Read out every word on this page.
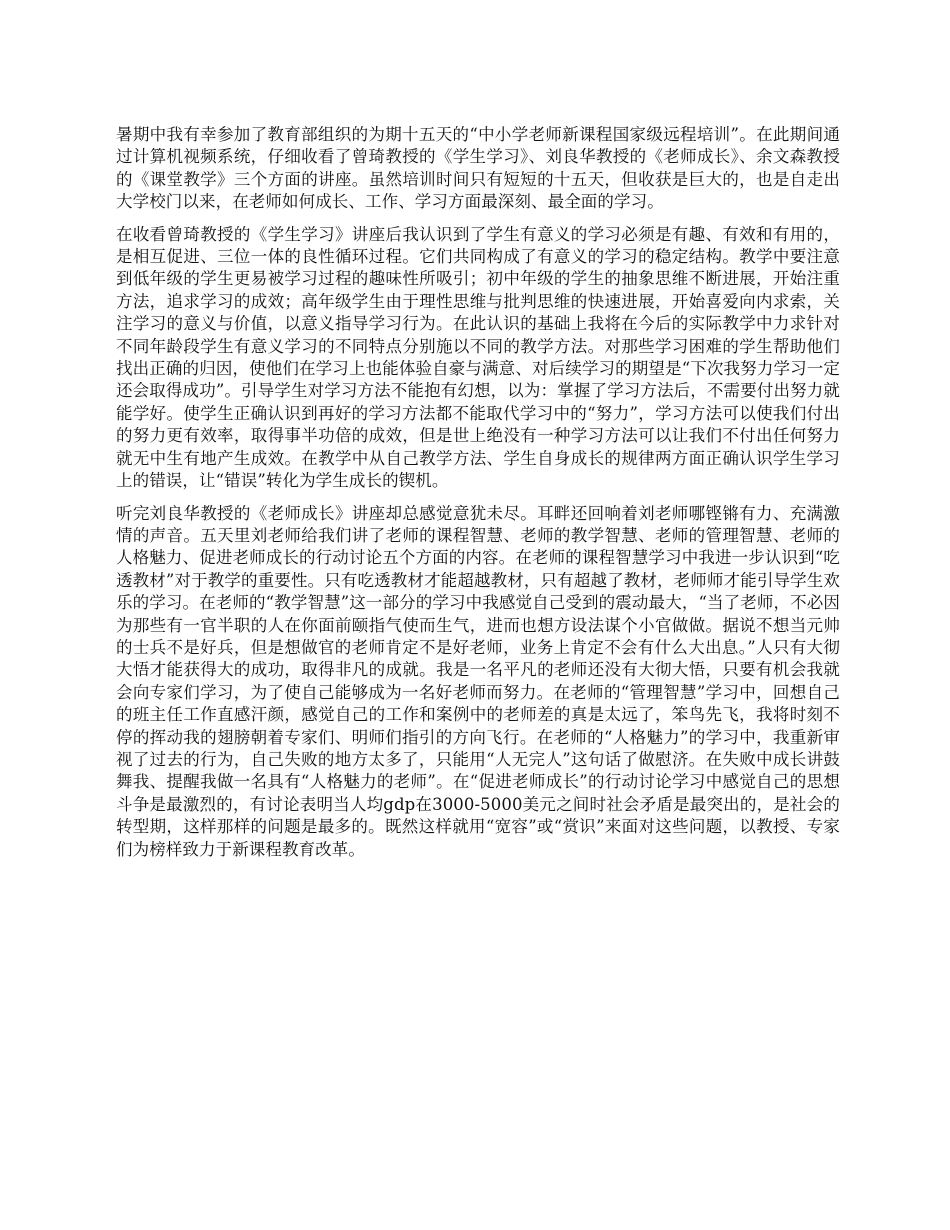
暑期中我有幸参加了教育部组织的为期十五天的“中小学老师新课程国家级远程培训”。在此期间通过计算机视频系统，仔细收看了曾琦教授的《学生学习》、刘良华教授的《老师成长》、余文森教授的《课堂教学》三个方面的讲座。虽然培训时间只有短短的十五天，但收获是巨大的，也是自走出大学校门以来，在老师如何成长、工作、学习方面最深刻、最全面的学习。

在收看曾琦教授的《学生学习》讲座后我认识到了学生有意义的学习必须是有趣、有效和有用的，是相互促进、三位一体的良性循环过程。它们共同构成了有意义的学习的稳定结构。教学中要注意到低年级的学生更易被学习过程的趣味性所吸引；初中年级的学生的抽象思维不断进展，开始注重方法，追求学习的成效；高年级学生由于理性思维与批判思维的快速进展，开始喜爱向内求索，关注学习的意义与价值，以意义指导学习行为。在此认识的基础上我将在今后的实际教学中力求针对不同年龄段学生有意义学习的不同特点分别施以不同的教学方法。对那些学习困难的学生帮助他们找出正确的归因，使他们在学习上也能体验自豪与满意、对后续学习的期望是“下次我努力学习一定还会取得成功”。引导学生对学习方法不能抱有幻想，以为：掌握了学习方法后，不需要付出努力就能学好。使学生正确认识到再好的学习方法都不能取代学习中的“努力”，学习方法可以使我们付出的努力更有效率，取得事半功倍的成效，但是世上绝没有一种学习方法可以让我们不付出任何努力就无中生有地产生成效。在教学中从自己教学方法、学生自身成长的规律两方面正确认识学生学习上的错误，让“错误”转化为学生成长的锲机。

听完刘良华教授的《老师成长》讲座却总感觉意犹未尽。耳畔还回响着刘老师哪铿锵有力、充满激情的声音。五天里刘老师给我们讲了老师的课程智慧、老师的教学智慧、老师的管理智慧、老师的人格魅力、促进老师成长的行动讨论五个方面的内容。在老师的课程智慧学习中我进一步认识到“吃透教材”对于教学的重要性。只有吃透教材才能超越教材，只有超越了教材，老师师才能引导学生欢乐的学习。在老师的“教学智慧”这一部分的学习中我感觉自己受到的震动最大，“当了老师，不必因为那些有一官半职的人在你面前颐指气使而生气，进而也想方设法谋个小官做做。据说不想当元帅的士兵不是好兵，但是想做官的老师肯定不是好老师，业务上肯定不会有什么大出息。”人只有大彻大悟才能获得大的成功，取得非凡的成就。我是一名平凡的老师还没有大彻大悟，只要有机会我就会向专家们学习，为了使自己能够成为一名好老师而努力。在老师的“管理智慧”学习中，回想自己的班主任工作直感汗颜，感觉自己的工作和案例中的老师差的真是太远了，笨鸟先飞，我将时刻不停的挥动我的翅膀朝着专家们、明师们指引的方向飞行。在老师的“人格魅力”的学习中，我重新审视了过去的行为，自己失败的地方太多了，只能用“人无完人”这句话了做慰济。在失败中成长讲鼓舞我、提醒我做一名具有“人格魅力的老师”。在“促进老师成长”的行动讨论学习中感觉自己的思想斗争是最激烈的，有讨论表明当人均gdp在3000-5000美元之间时社会矛盾是最突出的，是社会的转型期，这样那样的问题是最多的。既然这样就用“宽容”或“赏识”来面对这些问题，以教授、专家们为榜样致力于新课程教育改革。
